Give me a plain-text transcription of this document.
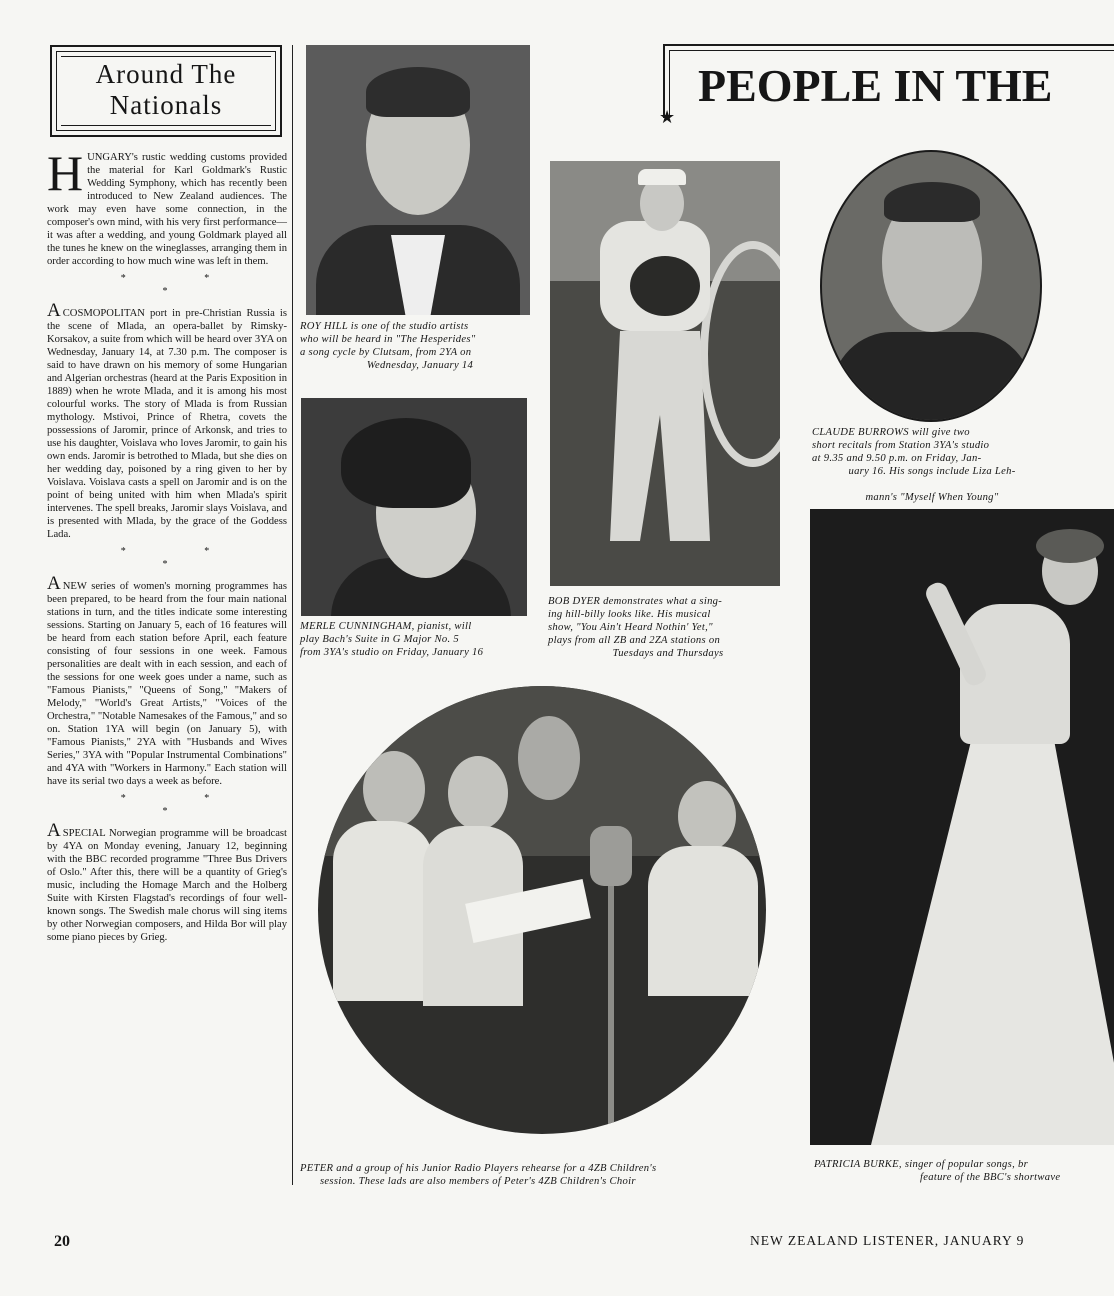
Around The
Nationals

HUNGARY's rustic wedding customs provided the material for Karl Goldmark's Rustic Wedding Symphony, which has recently been introduced to New Zealand audiences. The work may even have some connection, in the composer's own mind, with his very first performance—it was after a wedding, and young Goldmark played all the tunes he knew on the wineglasses, arranging them in order according to how much wine was left in them.

* * *

ACOSMOPOLITAN port in pre-Christian Russia is the scene of Mlada, an opera-ballet by Rimsky-Korsakov, a suite from which will be heard over 3YA on Wednesday, January 14, at 7.30 p.m. The composer is said to have drawn on his memory of some Hungarian and Algerian orchestras (heard at the Paris Exposition in 1889) when he wrote Mlada, and it is among his most colourful works. The story of Mlada is from Russian mythology. Mstivoi, Prince of Rhetra, covets the possessions of Jaromir, prince of Arkonsk, and tries to use his daughter, Voislava who loves Jaromir, to gain his own ends. Jaromir is betrothed to Mlada, but she dies on her wedding day, poisoned by a ring given to her by Voislava. Voislava casts a spell on Jaromir and is on the point of being united with him when Mlada's spirit intervenes. The spell breaks, Jaromir slays Voislava, and is presented with Mlada, by the grace of the Goddess Lada.

* * *

ANEW series of women's morning programmes has been prepared, to be heard from the four main national stations in turn, and the titles indicate some interesting sessions. Starting on January 5, each of 16 features will be heard from each station before April, each feature consisting of four sessions in one week. Famous personalities are dealt with in each session, and each of the sessions for one week goes under a name, such as "Famous Pianists," "Queens of Song," "Makers of Melody," "World's Great Artists," "Voices of the Orchestra," "Notable Namesakes of the Famous," and so on. Station 1YA will begin (on January 5), with "Famous Pianists," 2YA with "Husbands and Wives Series," 3YA with "Popular Instrumental Combinations" and 4YA with "Workers in Harmony." Each station will have its serial two days a week as before.

* * *

ASPECIAL Norwegian programme will be broadcast by 4YA on Monday evening, January 12, beginning with the BBC recorded programme "Three Bus Drivers of Oslo." After this, there will be a quantity of Grieg's music, including the Homage March and the Holberg Suite with Kirsten Flagstad's recordings of four well-known songs. The Swedish male chorus will sing items by other Norwegian composers, and Hilda Bor will play some piano pieces by Grieg.

ROY HILL is one of the studio artists
who will be heard in "The Hesperides"
a song cycle by Clutsam, from 2YA on

Wednesday, January 14
MERLE CUNNINGHAM, pianist, will
play Bach's Suite in G Major No. 5
from 3YA's studio on Friday, January 16
BOB DYER demonstrates what a sing-
ing hill-billy looks like. His musical
show, "You Ain't Heard Nothin' Yet,"
plays from all ZB and 2ZA stations on

Tuesdays and Thursdays
CLAUDE BURROWS will give two
short recitals from Station 3YA's studio
at 9.35 and 9.50 p.m. on Friday, Jan-

uary 16. His songs include Liza Leh-

mann's "Myself When Young"
PETER and a group of his Junior Radio Players rehearse for a 4ZB Children's
session. These lads are also members of Peter's 4ZB Children's Choir
PATRICIA BURKE, singer of popular songs, br
feature of the BBC's shortwave
PEOPLE IN THE
★
20	NEW ZEALAND LISTENER, JANUARY 9
